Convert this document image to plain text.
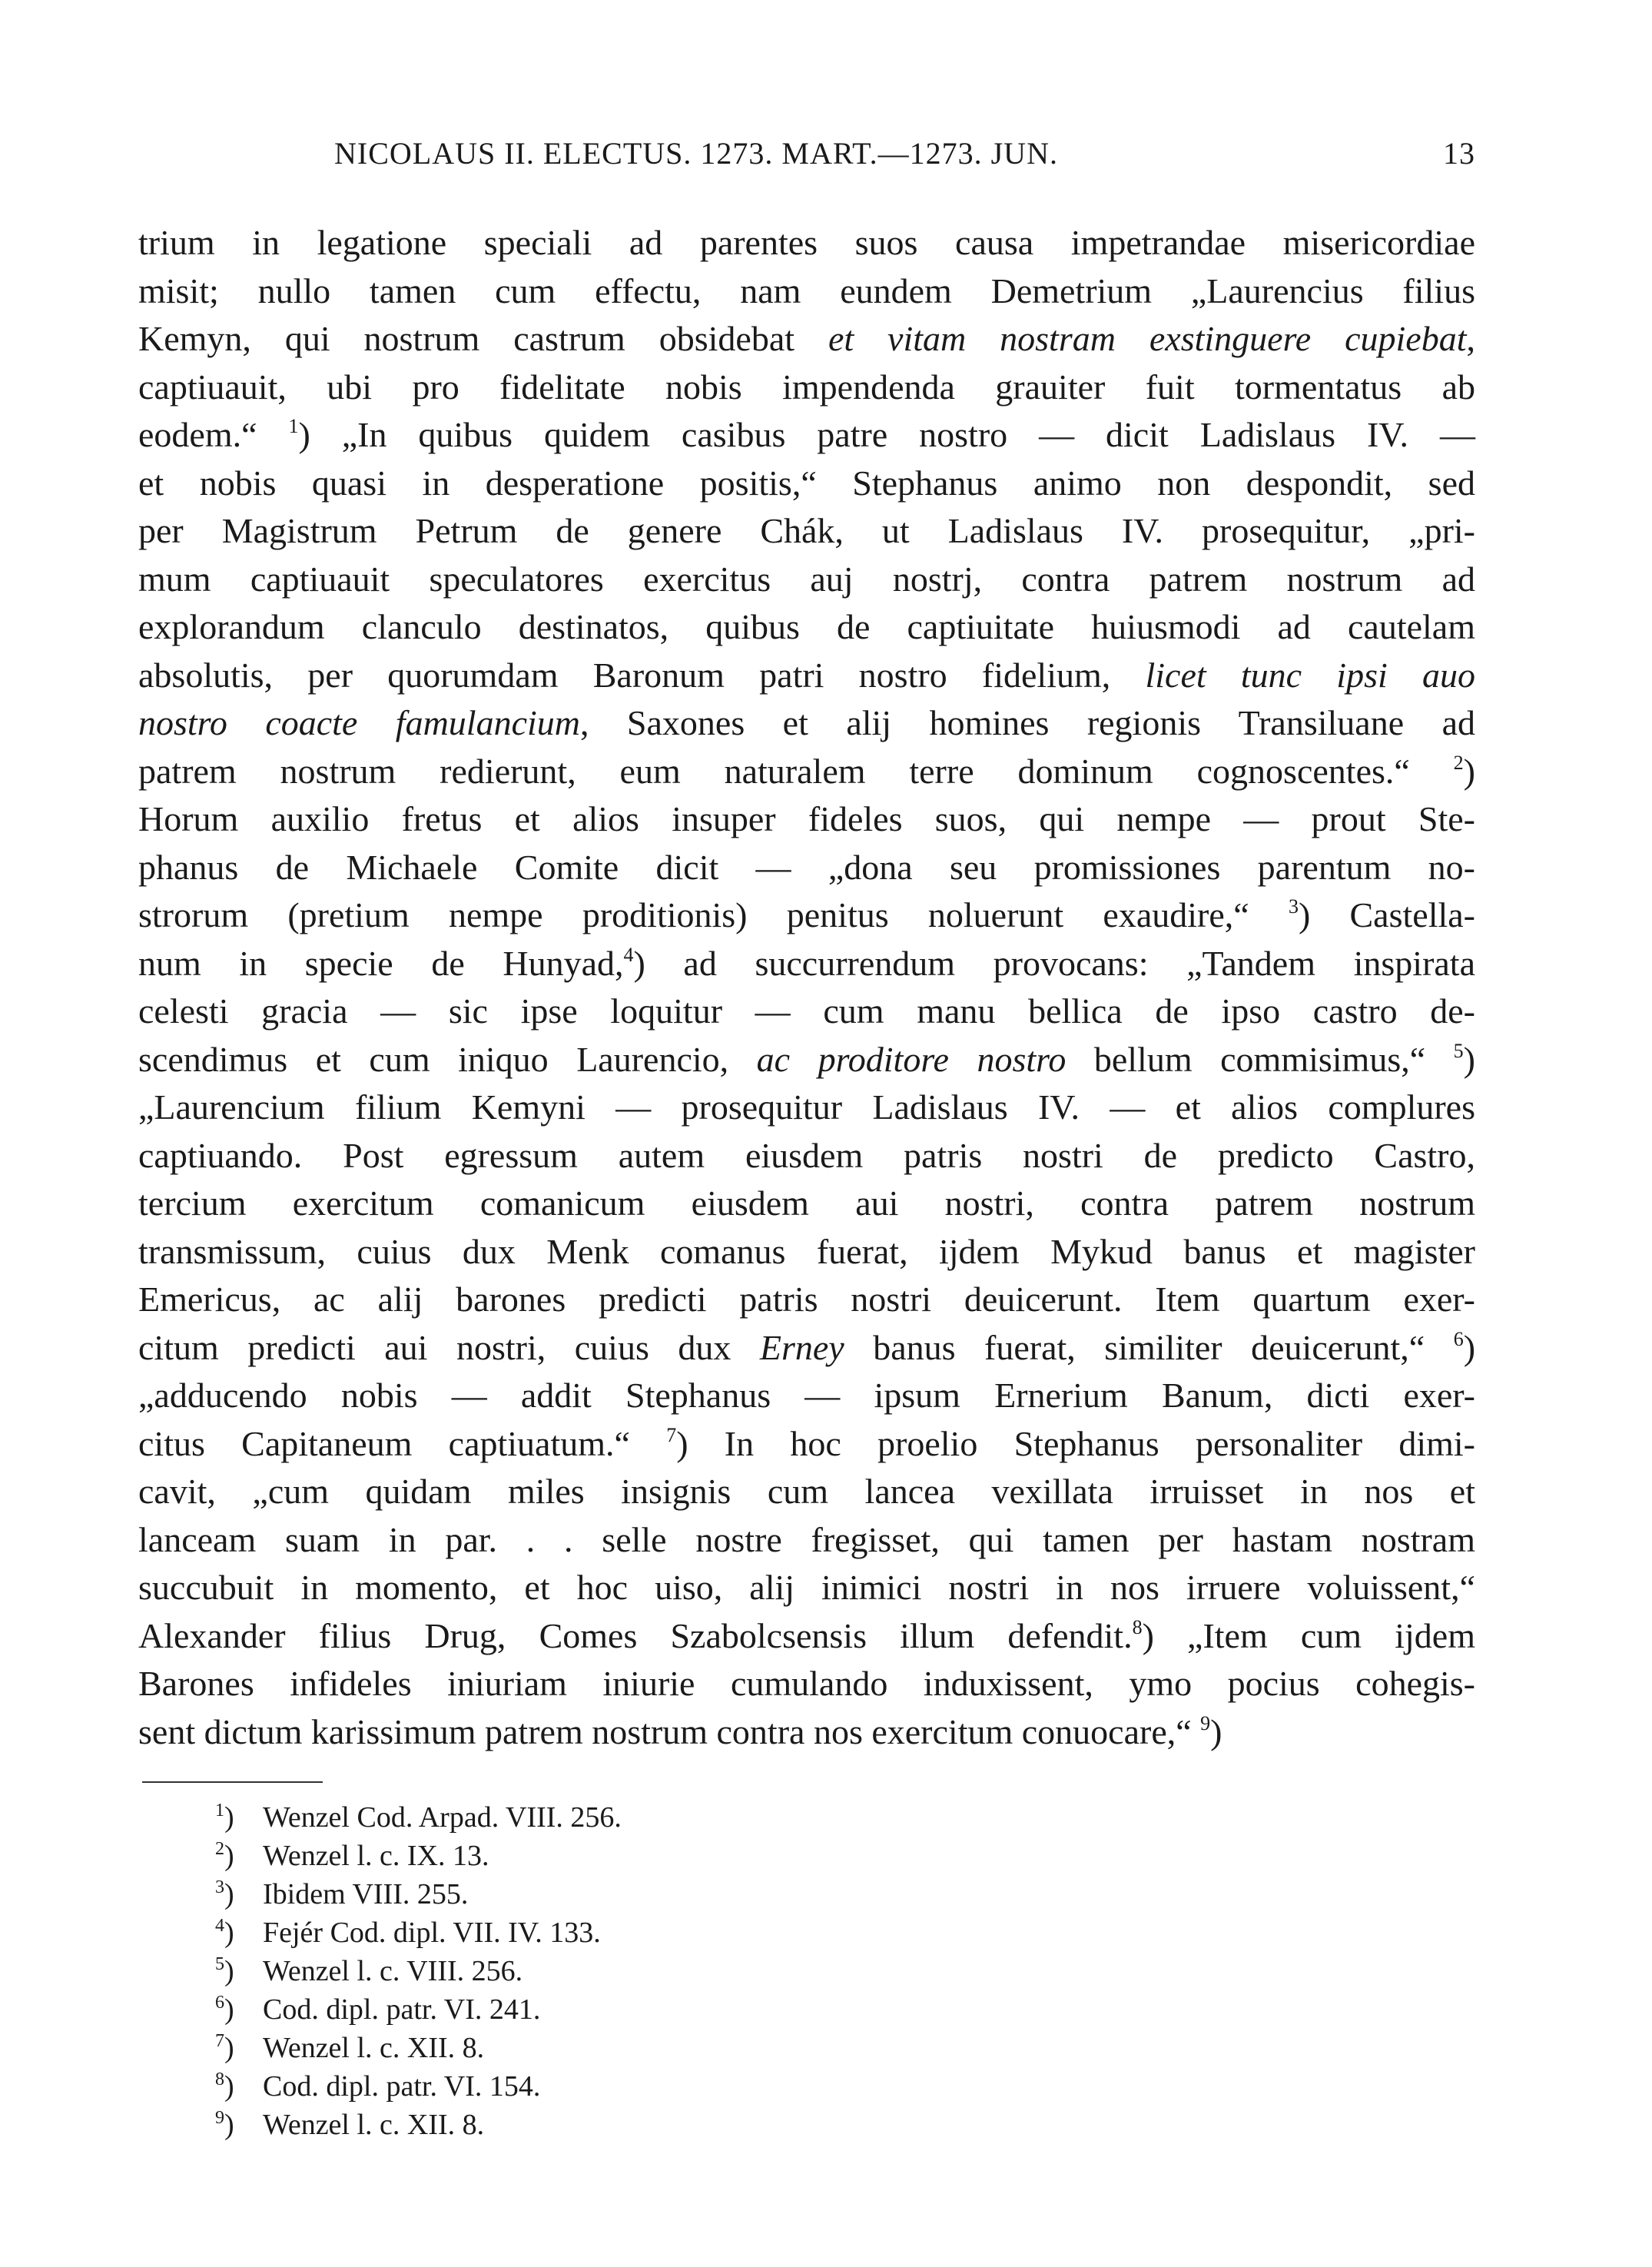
NICOLAUS II. ELECTUS. 1273. MART.—1273. JUN.	13
trium in legatione speciali ad parentes suos causa impetrandae misericordiae
misit; nullo tamen cum effectu, nam eundem Demetrium „Laurencius filius
Kemyn, qui nostrum castrum obsidebat et vitam nostram exstinguere cupiebat,
captiuauit, ubi pro fidelitate nobis impendenda grauiter fuit tormentatus ab
eodem.“ $^1$) „In quibus quidem casibus patre nostro — dicit Ladislaus IV. —
et nobis quasi in desperatione positis,“ Stephanus animo non despondit, sed
per Magistrum Petrum de genere Chák, ut Ladislaus IV. prosequitur, „pri-
mum captiuauit speculatores exercitus auj nostrj, contra patrem nostrum ad
explorandum clanculo destinatos, quibus de captiuitate huiusmodi ad cautelam
absolutis, per quorumdam Baronum patri nostro fidelium, licet tunc ipsi auo
nostro coacte famulancium, Saxones et alij homines regionis Transiluane ad
patrem nostrum redierunt, eum naturalem terre dominum cognoscentes.“ $^2$)
Horum auxilio fretus et alios insuper fideles suos, qui nempe — prout Ste-
phanus de Michaele Comite dicit — „dona seu promissiones parentum no-
strorum (pretium nempe proditionis) penitus noluerunt exaudire,“ $^3$) Castella-
num in specie de Hunyad,$^4$) ad succurrendum provocans: „Tandem inspirata
celesti gracia — sic ipse loquitur — cum manu bellica de ipso castro de-
scendimus et cum iniquo Laurencio, ac proditore nostro bellum commisimus,“ $^5$)
„Laurencium filium Kemyni — prosequitur Ladislaus IV. — et alios complures
captiuando. Post egressum autem eiusdem patris nostri de predicto Castro,
tercium exercitum comanicum eiusdem aui nostri, contra patrem nostrum
transmissum, cuius dux Menk comanus fuerat, ijdem Mykud banus et magister
Emericus, ac alij barones predicti patris nostri deuicerunt. Item quartum exer-
citum predicti aui nostri, cuius dux Erney banus fuerat, similiter deuicerunt,“ $^6$)
„adducendo nobis — addit Stephanus — ipsum Ernerium Banum, dicti exer-
citus Capitaneum captiuatum.“ $^7$) In hoc proelio Stephanus personaliter dimi-
cavit, „cum quidam miles insignis cum lancea vexillata irruisset in nos et
lanceam suam in par. . . selle nostre fregisset, qui tamen per hastam nostram
succubuit in momento, et hoc uiso, alij inimici nostri in nos irruere voluissent,“
Alexander filius Drug, Comes Szabolcsensis illum defendit.$^8$) „Item cum ijdem
Barones infideles iniuriam iniurie cumulando induxissent, ymo pocius cohegis-
sent dictum karissimum patrem nostrum contra nos exercitum conuocare,“ $^9$)
$^1$) Wenzel Cod. Arpad. VIII. 256.
$^2$) Wenzel l. c. IX. 13.
$^3$) Ibidem VIII. 255.
$^4$) Fejér Cod. dipl. VII. IV. 133.
$^5$) Wenzel l. c. VIII. 256.
$^6$) Cod. dipl. patr. VI. 241.
$^7$) Wenzel l. c. XII. 8.
$^8$) Cod. dipl. patr. VI. 154.
$^9$) Wenzel l. c. XII. 8.
